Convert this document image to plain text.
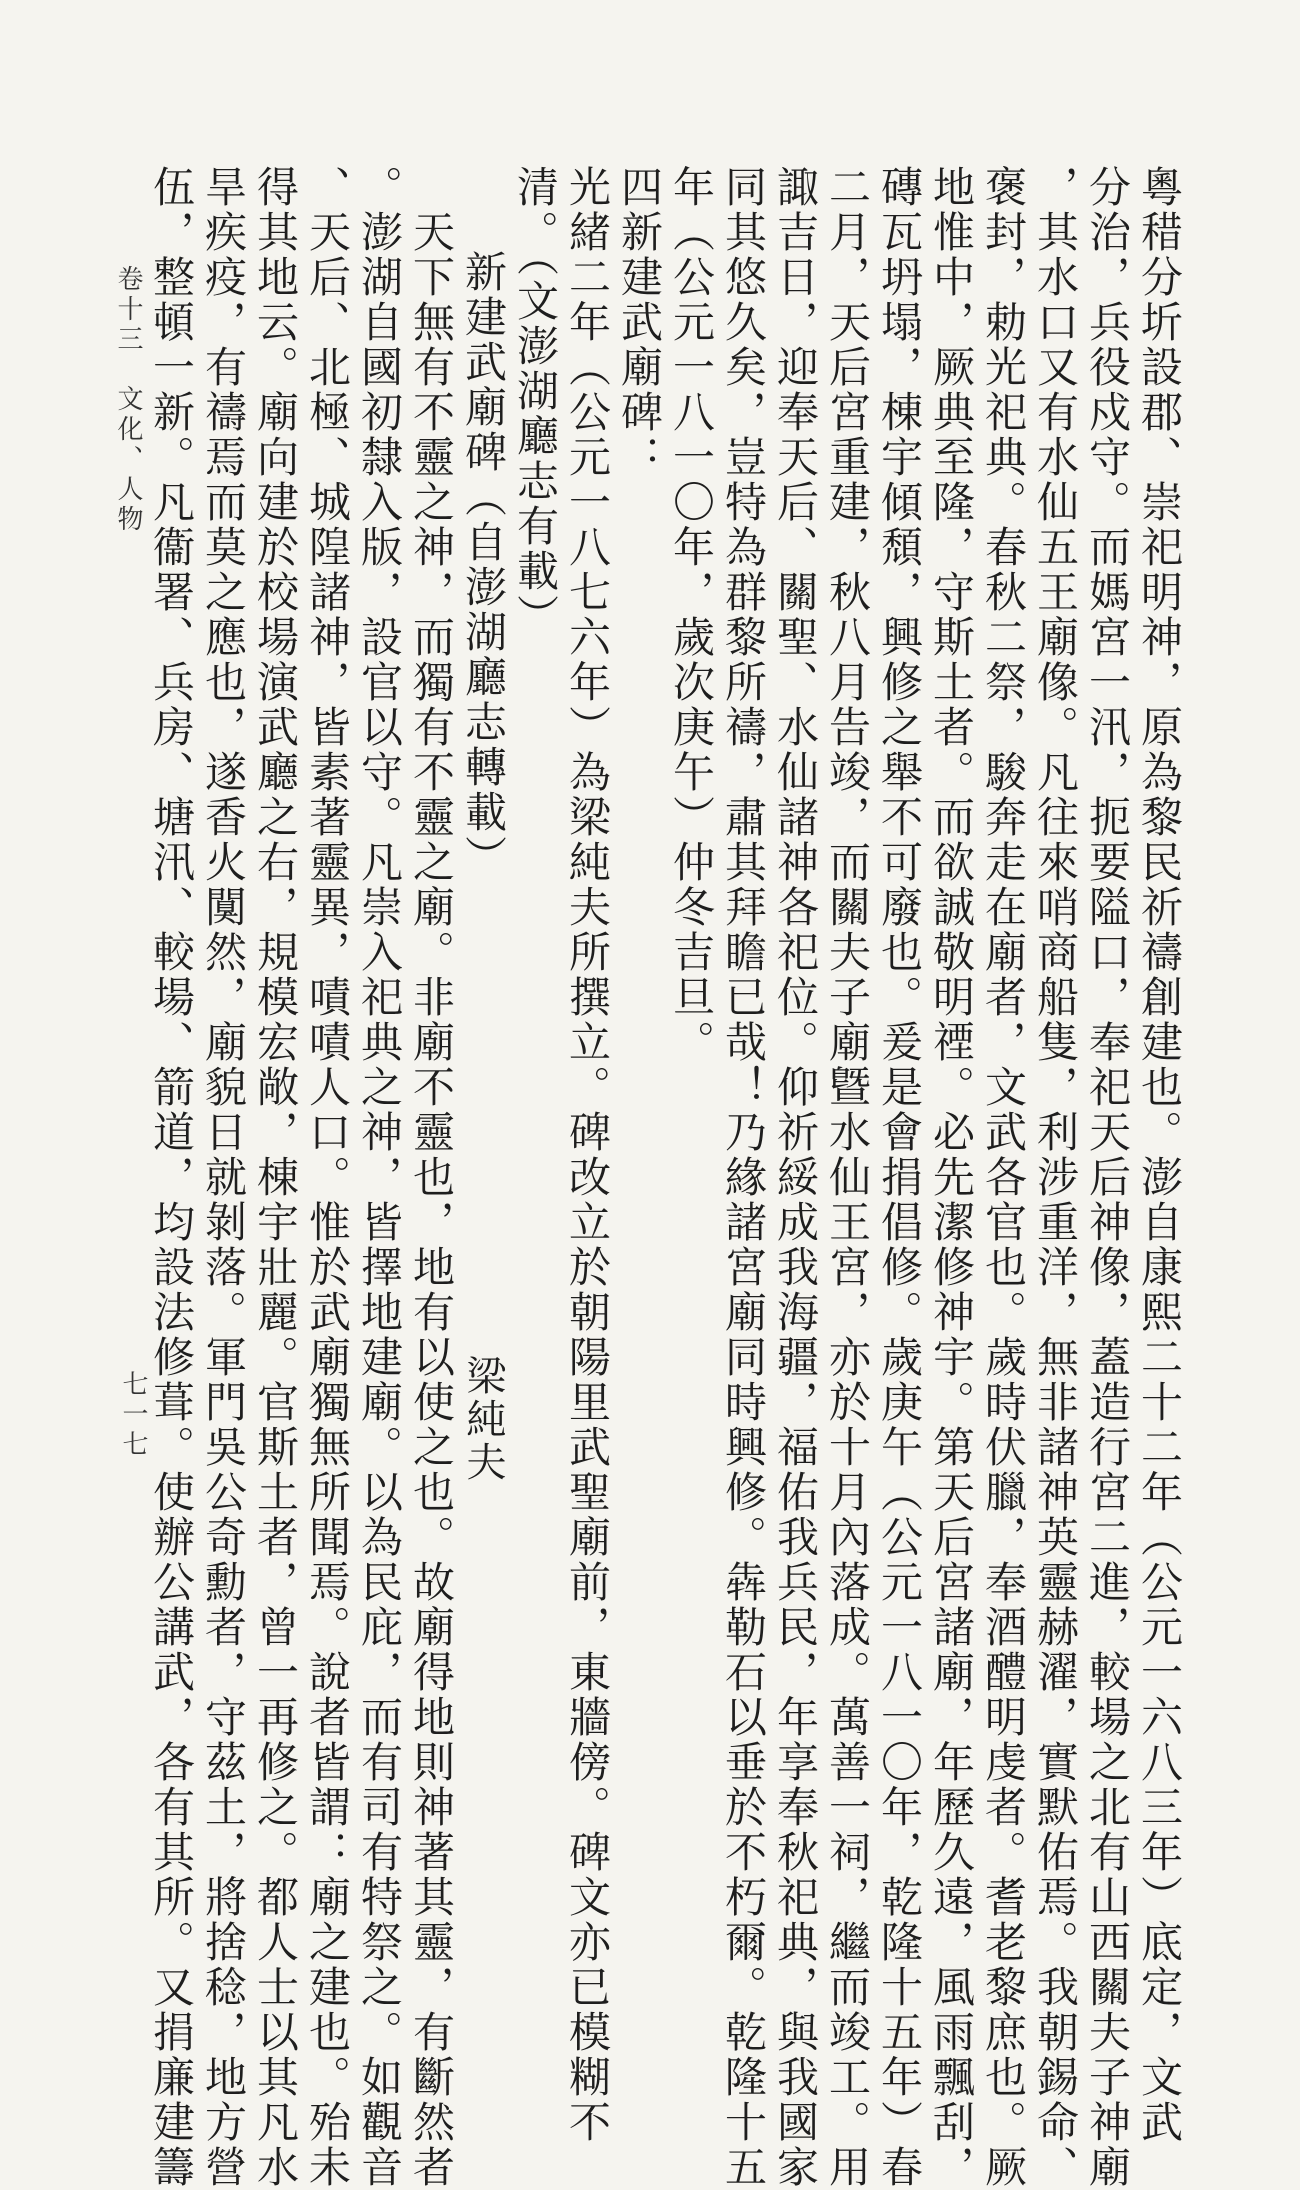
粵稓分圻設郡、崇祀明神，原為黎民祈禱創建也。澎自康熙二十二年（公元一六八三年）底定，文武
分治，兵役戍守。而媽宮一汛，扼要隘口，奉祀天后神像，蓋造行宮二進，較場之北有山西關夫子神廟
，其水口又有水仙五王廟像。凡往來哨商船隻，利涉重洋，無非諸神英靈赫濯，實默佑焉。我朝錫命、
褒封，勅光祀典。春秋二祭，駿奔走在廟者，文武各官也。歲時伏臘，奉酒醴明虔者。耆老黎庶也。厥
地惟中，厥典至隆，守斯土者。而欲誠敬明禋。必先潔修神宇。第天后宮諸廟，年歷久遠，風雨飄刮，
磚瓦坍塌，棟宇傾頹，興修之舉不可廢也。爰是會捐倡修。歲庚午（公元一八一〇年，乾隆十五年）春
二月，天后宮重建，秋八月告竣，而關夫子廟曁水仙王宮，亦於十月內落成。萬善一祠，繼而竣工。用
諏吉日，迎奉天后、關聖、水仙諸神各祀位。仰祈綏成我海疆，福佑我兵民，年享奉秋祀典，與我國家
同其悠久矣，豈特為群黎所禱，肅其拜瞻已哉！乃緣諸宮廟同時興修。犇勒石以垂於不朽爾。乾隆十五
年（公元一八一〇年，歲次庚午）仲冬吉旦。
四新建武廟碑：
光緒二年（公元一八七六年）為梁純夫所撰立。碑改立於朝陽里武聖廟前，東牆傍。碑文亦已模糊不
清。（文澎湖廳志有載）
新建武廟碑（自澎湖廳志轉載）
天下無有不靈之神，而獨有不靈之廟。非廟不靈也，地有以使之也。故廟得地則神著其靈，有斷然者
。澎湖自國初隸入版，設官以守。凡崇入祀典之神，皆擇地建廟。以為民庇，而有司有特祭之。如觀音
、天后、北極、城隍諸神，皆素著靈異，嘖嘖人口。惟於武廟獨無所聞焉。說者皆謂：廟之建也。殆未
得其地云。廟向建於校場演武廳之右，規模宏敞，棟宇壯麗。官斯土者，曾一再修之。都人士以其凡水
旱疾疫，有禱焉而莫之應也，遂香火闃然，廟貌日就剝落。軍門吳公奇勳者，守茲土，將捨稔，地方營
伍，整頓一新。凡衞署、兵房、塘汛、較場、箭道，均設法修葺。使辦公講武，各有其所。又捐廉建籌	梁純夫
卷十三　文化、人物
七一七
